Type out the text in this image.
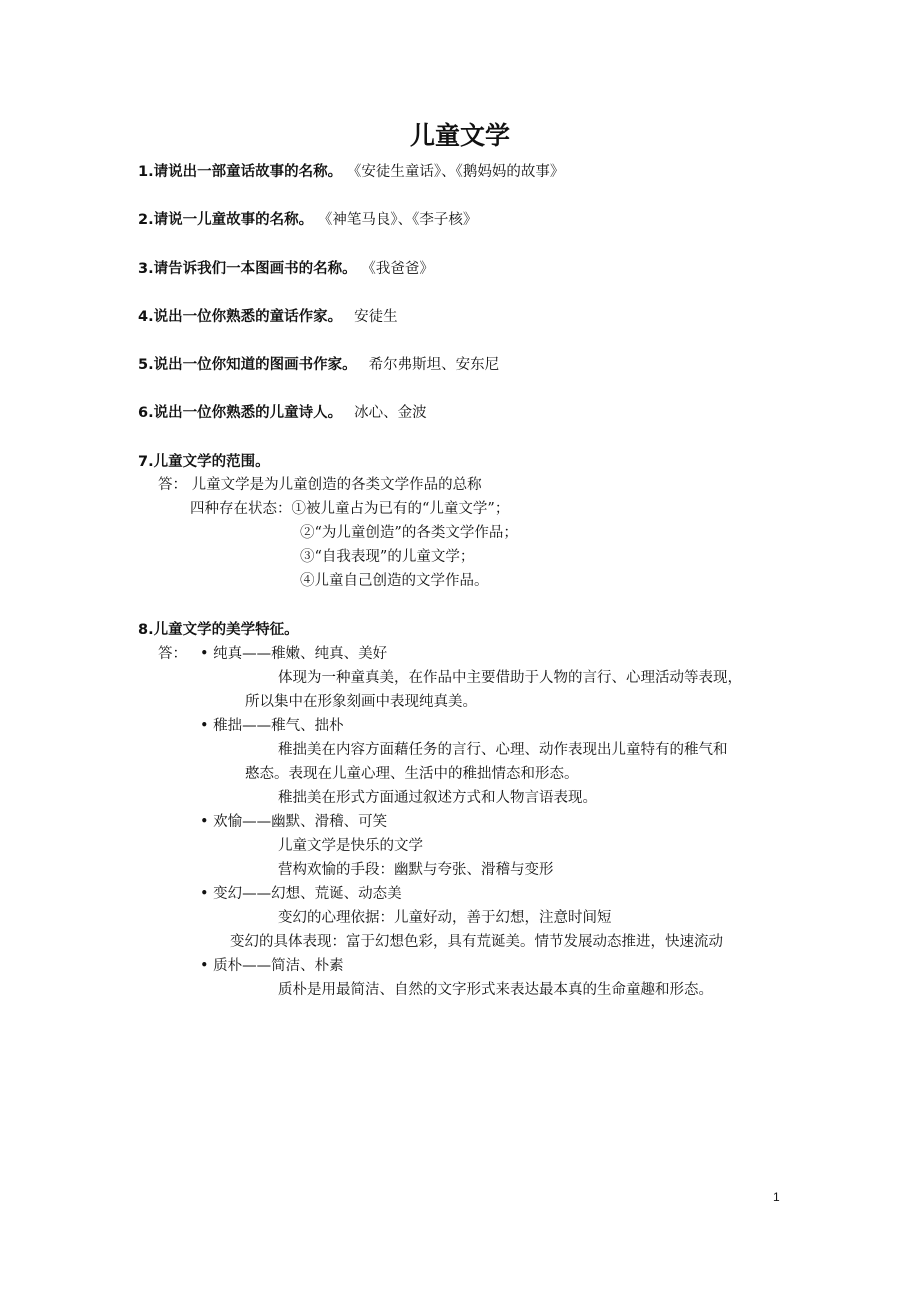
儿童文学
1.请说出一部童话故事的名称。 《安徒生童话》、《鹅妈妈的故事》
2.请说一儿童故事的名称。 《神笔马良》、《李子核》
3.请告诉我们一本图画书的名称。 《我爸爸》
4.说出一位你熟悉的童话作家。 安徒生
5.说出一位你知道的图画书作家。 希尔弗斯坦、安东尼
6.说出一位你熟悉的儿童诗人。 冰心、金波
7.儿童文学的范围。
答： 儿童文学是为儿童创造的各类文学作品的总称
四种存在状态：①被儿童占为已有的“儿童文学”；
②“为儿童创造”的各类文学作品；
③“自我表现”的儿童文学；
④儿童自己创造的文学作品。
8.儿童文学的美学特征。
答： • 纯真——稚嫩、纯真、美好
体现为一种童真美，在作品中主要借助于人物的言行、心理活动等表现，
所以集中在形象刻画中表现纯真美。
• 稚拙——稚气、拙朴
稚拙美在内容方面藉任务的言行、心理、动作表现出儿童特有的稚气和
憨态。表现在儿童心理、生活中的稚拙情态和形态。
稚拙美在形式方面通过叙述方式和人物言语表现。
• 欢愉——幽默、滑稽、可笑
儿童文学是快乐的文学
营构欢愉的手段：幽默与夸张、滑稽与变形
• 变幻——幻想、荒诞、动态美
变幻的心理依据：儿童好动，善于幻想，注意时间短
变幻的具体表现：富于幻想色彩，具有荒诞美。情节发展动态推进，快速流动
• 质朴——简洁、朴素
质朴是用最简洁、自然的文字形式来表达最本真的生命童趣和形态。
1
